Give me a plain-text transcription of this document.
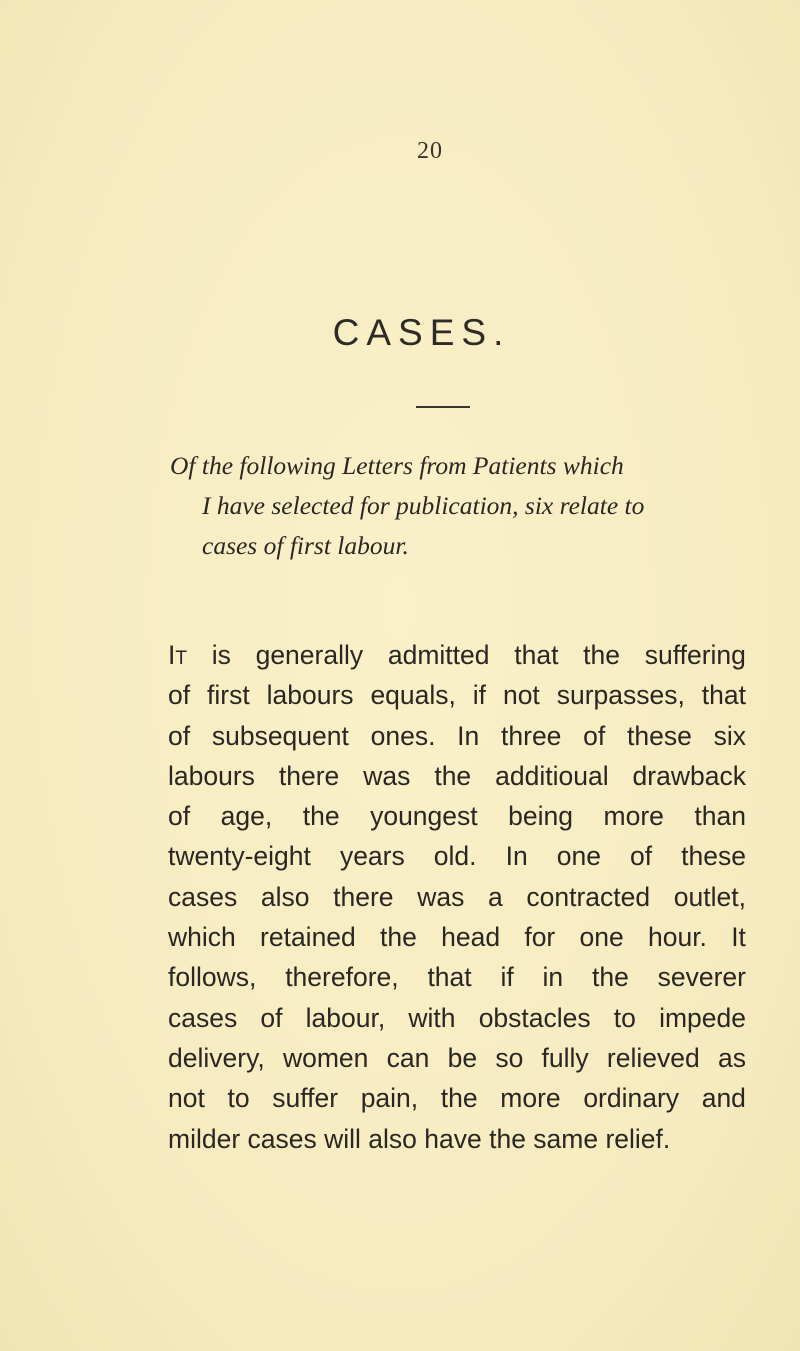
20
CASES.
Of the following Letters from Patients which
I have selected for publication, six relate to
cases of first labour.
It is generally admitted that the suffering
of first labours equals, if not surpasses, that
of subsequent ones. In three of these six
labours there was the additioual drawback
of age, the youngest being more than
twenty-eight years old. In one of these
cases also there was a contracted outlet,
which retained the head for one hour. It
follows, therefore, that if in the severer
cases of labour, with obstacles to impede
delivery, women can be so fully relieved as
not to suffer pain, the more ordinary and
milder cases will also have the same relief.
